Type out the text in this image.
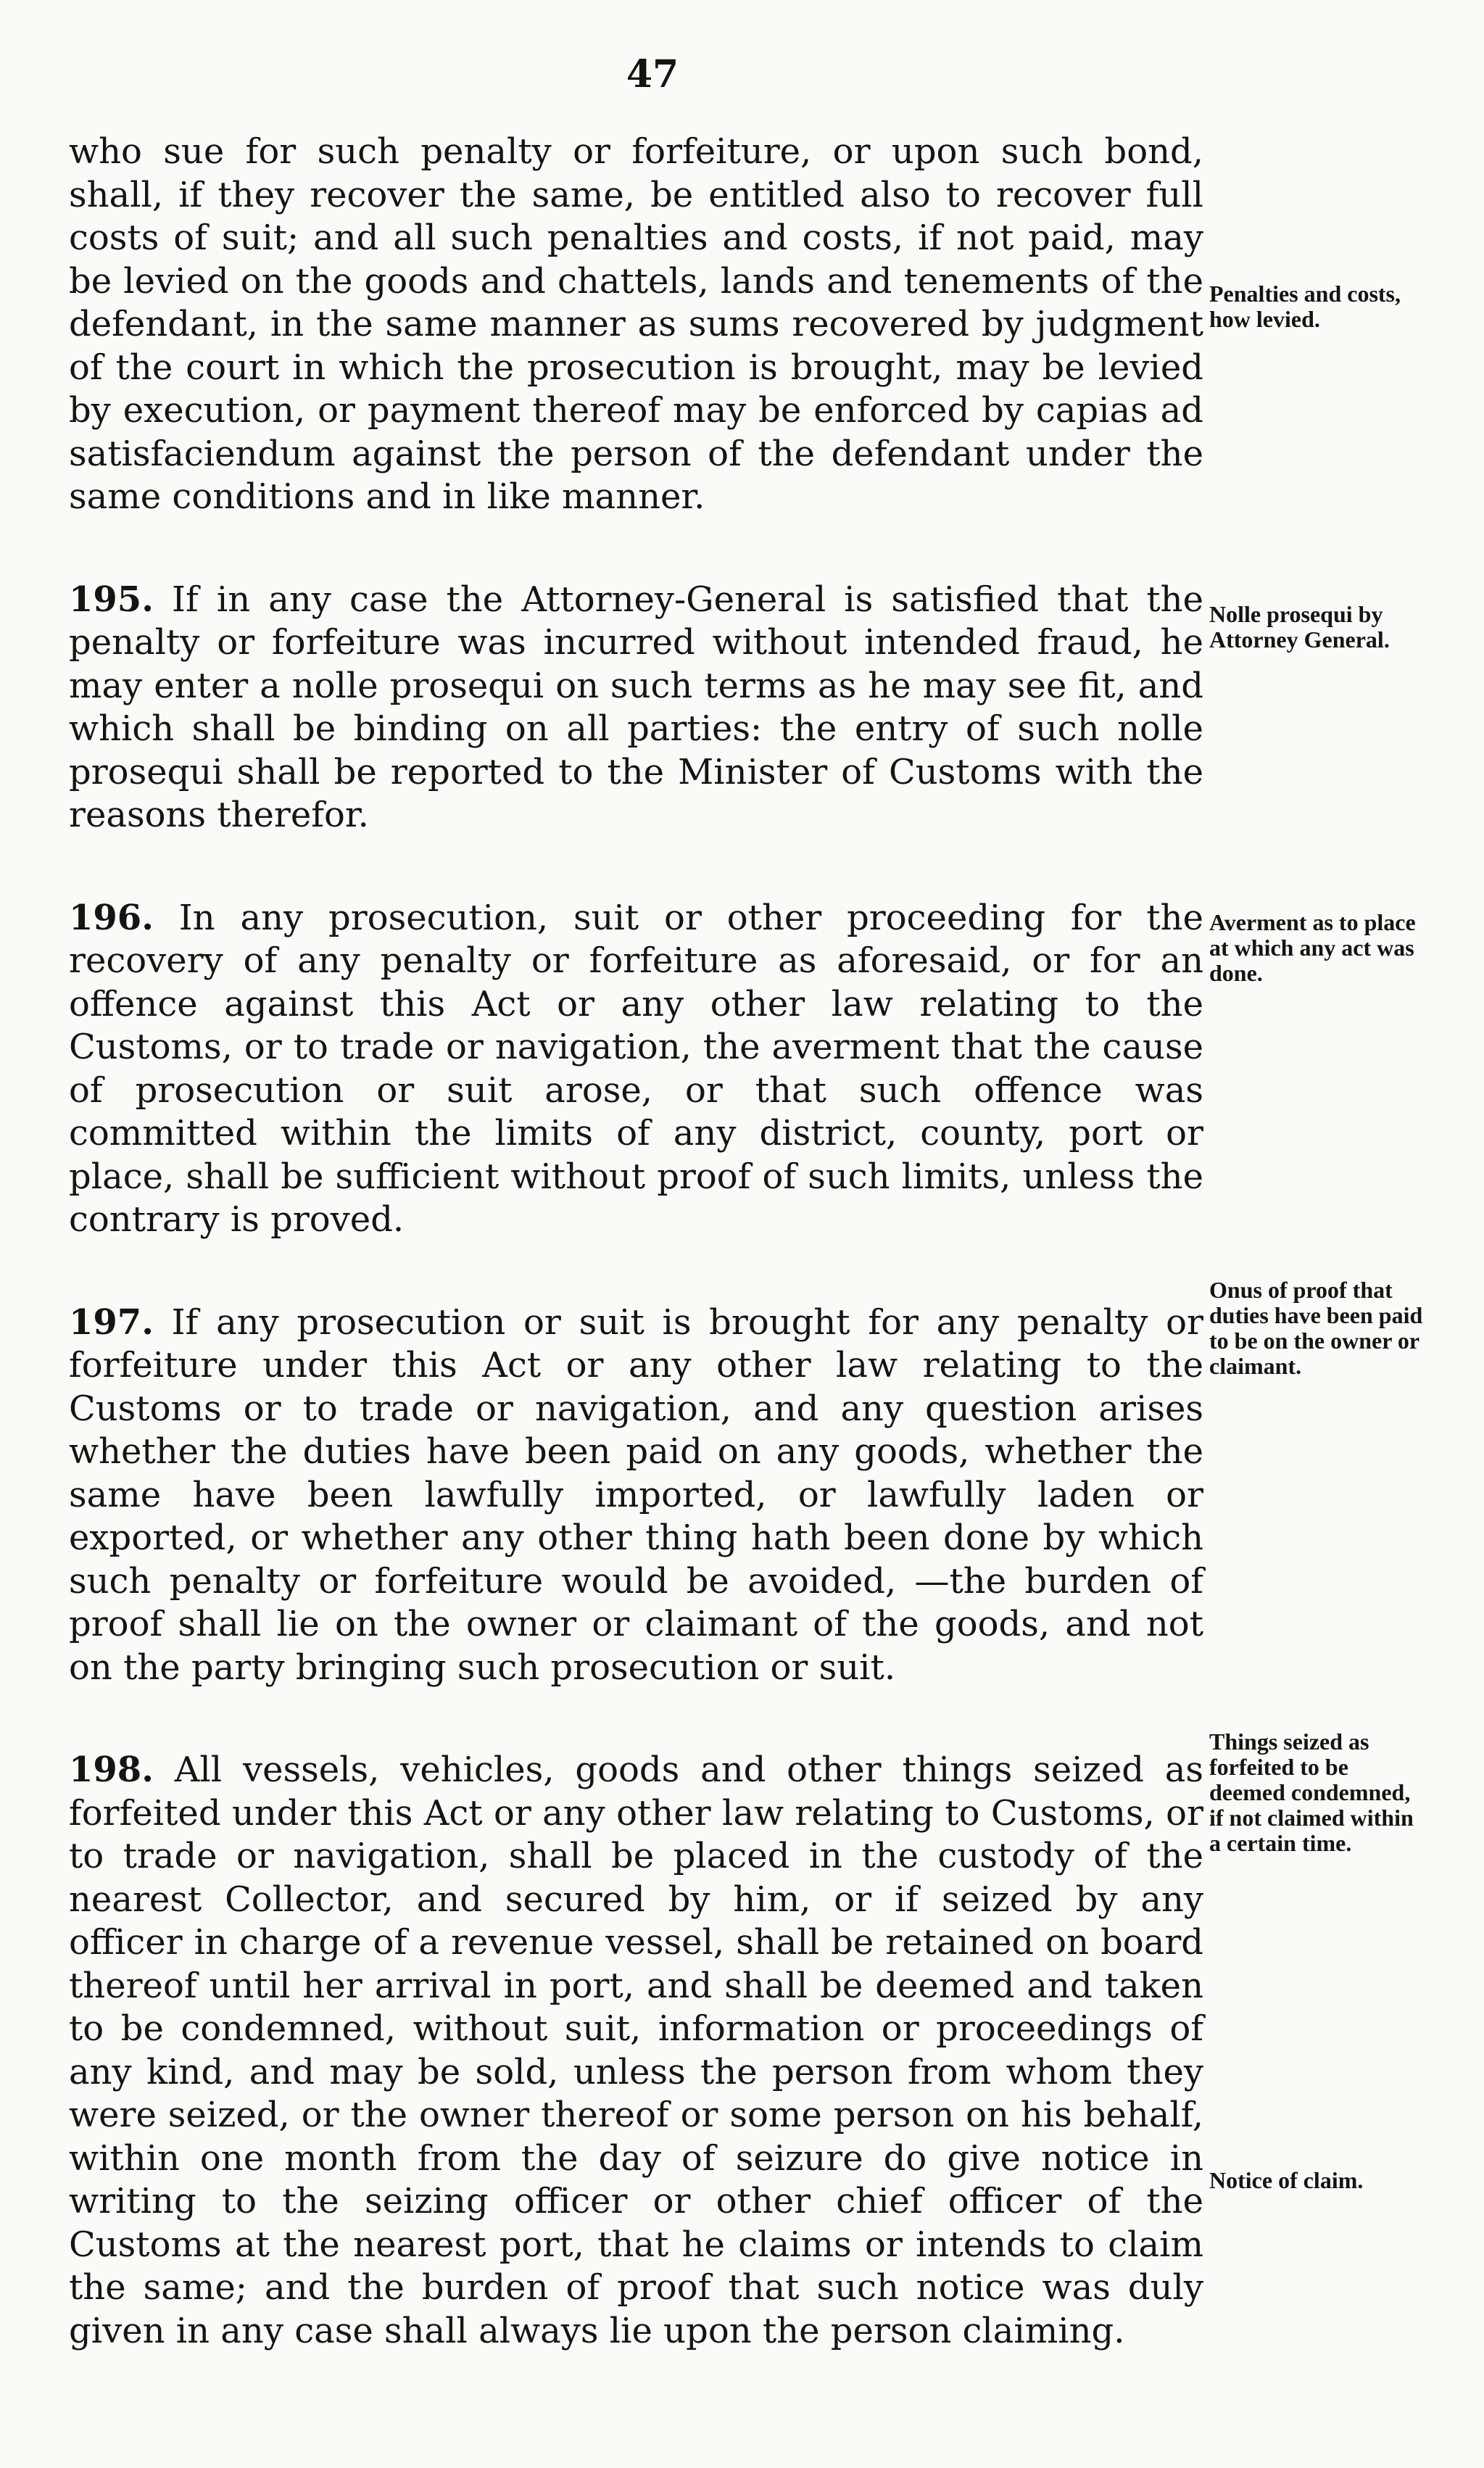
47

who sue for such penalty or forfeiture, or upon such bond, shall, if they recover the same, be entitled also to recover full costs of suit; and all such penalties and costs, if not paid, may be levied on the goods and chattels, lands and tenements of the defendant, in the same manner as sums recovered by judgment of the court in which the prosecution is brought, may be levied by execution, or payment thereof may be enforced by capias ad satisfaciendum against the person of the defendant under the same conditions and in like manner.

195. If in any case the Attorney-General is satisfied that the penalty or forfeiture was incurred without intended fraud, he may enter a nolle prosequi on such terms as he may see fit, and which shall be binding on all parties: the entry of such nolle prosequi shall be reported to the Minister of Customs with the reasons therefor.

196. In any prosecution, suit or other proceeding for the recovery of any penalty or forfeiture as aforesaid, or for an offence against this Act or any other law relating to the Customs, or to trade or navigation, the averment that the cause of prosecution or suit arose, or that such offence was committed within the limits of any district, county, port or place, shall be sufficient without proof of such limits, unless the contrary is proved.

197. If any prosecution or suit is brought for any penalty or forfeiture under this Act or any other law relating to the Customs or to trade or navigation, and any question arises whether the duties have been paid on any goods, whether the same have been lawfully imported, or lawfully laden or exported, or whether any other thing hath been done by which such penalty or forfeiture would be avoided, —the burden of proof shall lie on the owner or claimant of the goods, and not on the party bringing such prosecution or suit.

198. All vessels, vehicles, goods and other things seized as forfeited under this Act or any other law relating to Customs, or to trade or navigation, shall be placed in the custody of the nearest Collector, and secured by him, or if seized by any officer in charge of a revenue vessel, shall be retained on board thereof until her arrival in port, and shall be deemed and taken to be condemned, without suit, information or proceedings of any kind, and may be sold, unless the person from whom they were seized, or the owner thereof or some person on his behalf, within one month from the day of seizure do give notice in writing to the seizing officer or other chief officer of the Customs at the nearest port, that he claims or intends to claim the same; and the burden of proof that such notice was duly given in any case shall always lie upon the person claiming.

Penalties and costs, how levied.
Nolle prosequi by Attorney General.
Averment as to place at which any act was done.
Onus of proof that duties have been paid to be on the owner or claimant.
Things seized as forfeited to be deemed condemned, if not claimed within a certain time.
Notice of claim.
